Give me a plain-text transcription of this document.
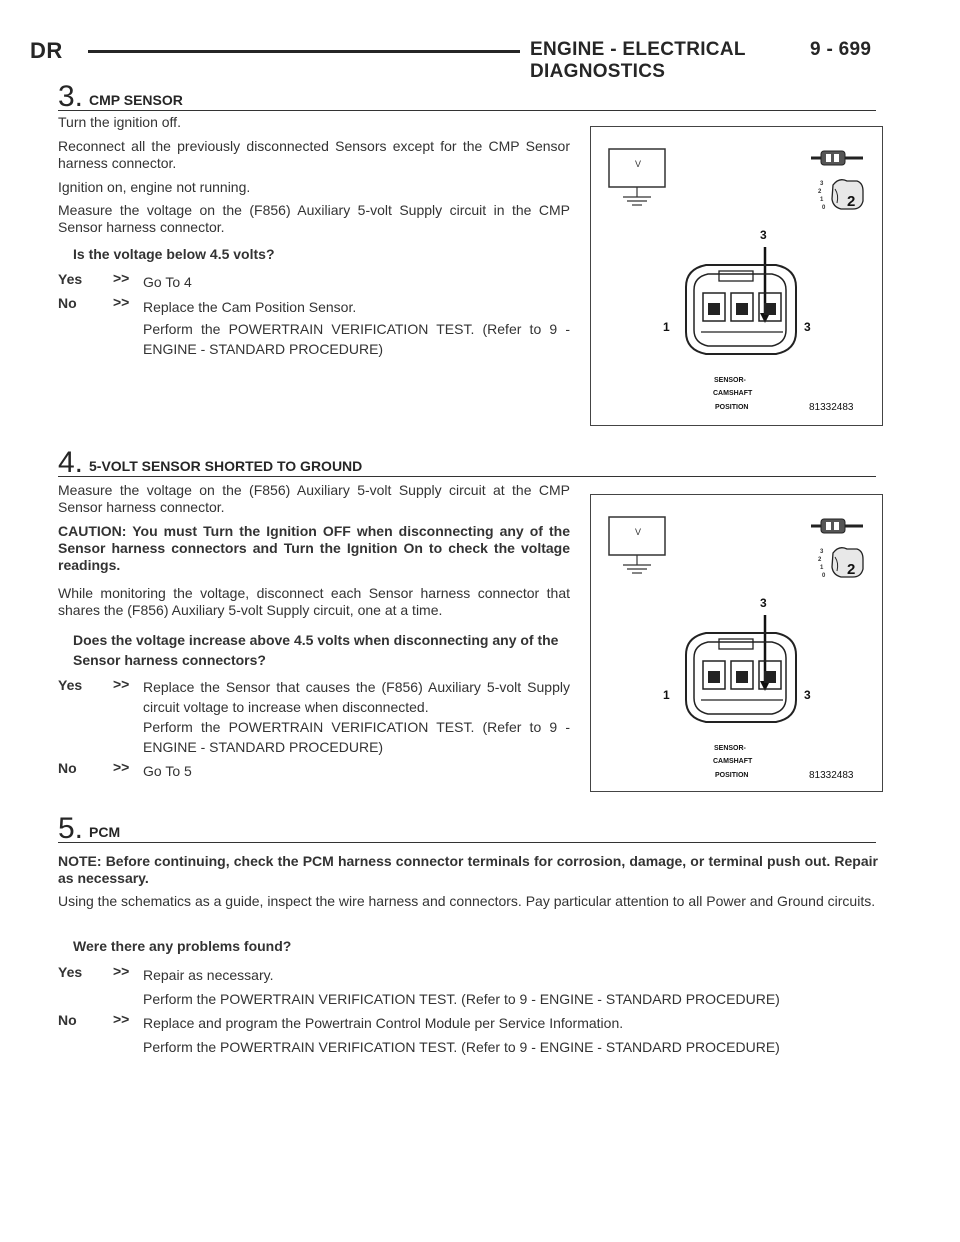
DR	ENGINE - ELECTRICAL DIAGNOSTICS
9 - 699
3. CMP SENSOR
Turn the ignition off.
Reconnect all the previously disconnected Sensors except for the CMP Sensor harness connector.
Ignition on, engine not running.
Measure the voltage on the (F856) Auxiliary 5-volt Supply circuit in the CMP Sensor harness connector.
Is the voltage below 4.5 volts?
Yes >> Go To 4
No	>> Replace the Cam Position Sensor.
Perform the POWERTRAIN VERIFICATION TEST. (Refer to 9 - ENGINE - STANDARD PROCEDURE)
V
3
2
1
0 2
3
1	3
SENSOR-
CAMSHAFT
POSITION	81332483
4. 5-VOLT SENSOR SHORTED TO GROUND
Measure the voltage on the (F856) Auxiliary 5-volt Supply circuit at the CMP Sensor harness connector.
CAUTION: You must Turn the Ignition OFF when disconnecting any of the Sensor harness connectors and Turn the Ignition On to check the voltage readings.
While monitoring the voltage, disconnect each Sensor harness connector that shares the (F856) Auxiliary 5-volt Supply circuit, one at a time.
Does the voltage increase above 4.5 volts when disconnecting any of the Sensor harness connectors?
Yes >> Replace the Sensor that causes the (F856) Auxiliary 5-volt Supply circuit voltage to increase when disconnected.
Perform the POWERTRAIN VERIFICATION TEST. (Refer to 9 - ENGINE - STANDARD PROCEDURE)
No	>> Go To 5
V
3
2
1
0 2
3
1	3
SENSOR-
CAMSHAFT
POSITION	81332483
5. PCM
NOTE: Before continuing, check the PCM harness connector terminals for corrosion, damage, or terminal push out. Repair as necessary.
Using the schematics as a guide, inspect the wire harness and connectors. Pay particular attention to all Power and Ground circuits.
Were there any problems found?
Yes >> Repair as necessary.
Perform the POWERTRAIN VERIFICATION TEST. (Refer to 9 - ENGINE - STANDARD PROCEDURE)
No	>> Replace and program the Powertrain Control Module per Service Information.
Perform the POWERTRAIN VERIFICATION TEST. (Refer to 9 - ENGINE - STANDARD PROCEDURE)
